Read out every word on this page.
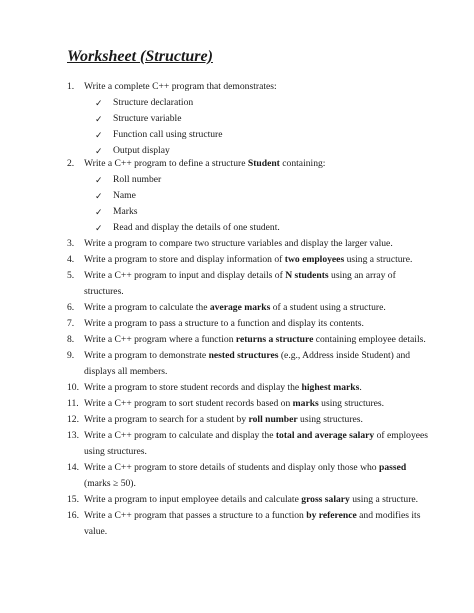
Worksheet (Structure)
1. Write a complete C++ program that demonstrates:
2. Write a C++ program to define a structure Student containing:
3. Write a program to compare two structure variables and display the larger value.
4. Write a program to store and display information of two employees using a structure.
5. Write a C++ program to input and display details of N students using an array of
structures.
6. Write a program to calculate the average marks of a student using a structure.
7. Write a program to pass a structure to a function and display its contents.
8. Write a C++ program where a function returns a structure containing employee details.
9. Write a program to demonstrate nested structures (e.g., Address inside Student) and
displays all members.
10. Write a program to store student records and display the highest marks.
11. Write a C++ program to sort student records based on marks using structures.
12. Write a program to search for a student by roll number using structures.
13. Write a C++ program to calculate and display the total and average salary of employees
using structures.
14. Write a C++ program to store details of students and display only those who passed
(marks ≥ 50).
15. Write a program to input employee details and calculate gross salary using a structure.
16. Write a C++ program that passes a structure to a function by reference and modifies its
value.
✓ Structure declaration
✓ Structure variable
✓ Function call using structure
✓ Output display
✓ Roll number
✓ Name
✓ Marks
✓ Read and display the details of one student.
